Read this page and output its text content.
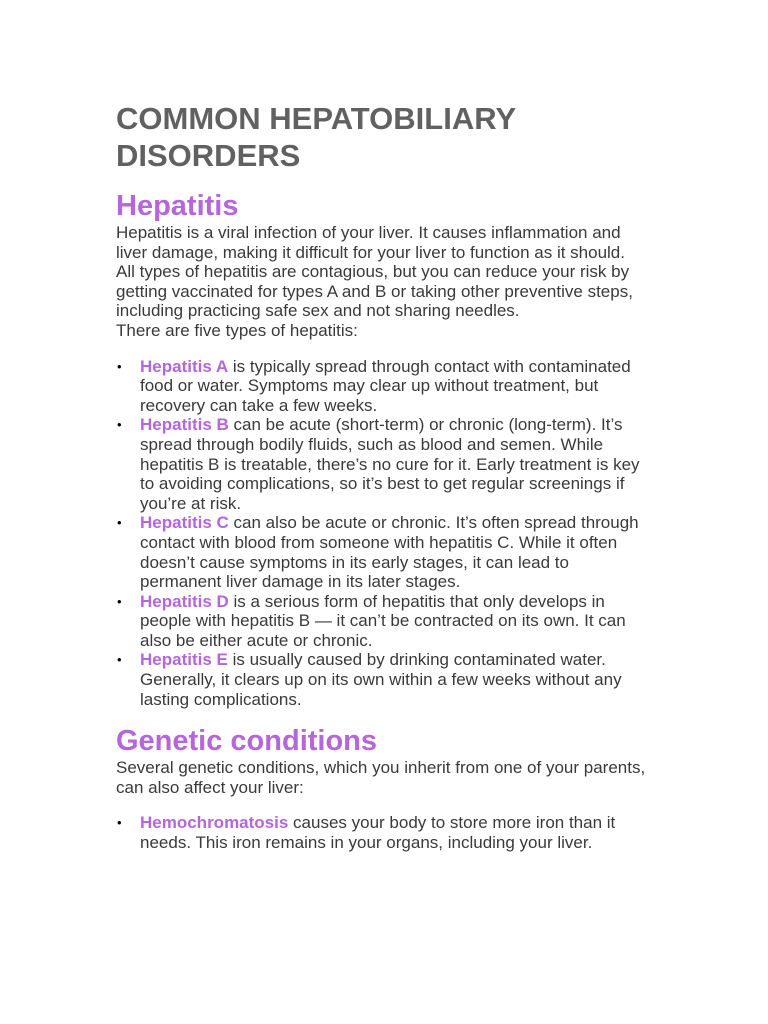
COMMON HEPATOBILIARY
DISORDERS
Hepatitis

Hepatitis is a viral infection of your liver. It causes inflammation and liver damage, making it difficult for your liver to function as it should.

All types of hepatitis are contagious, but you can reduce your risk by getting vaccinated for types A and B or taking other preventive steps, including practicing safe sex and not sharing needles.

There are five types of hepatitis:

• Hepatitis A is typically spread through contact with contaminated food or water. Symptoms may clear up without treatment, but recovery can take a few weeks.
• Hepatitis B can be acute (short-term) or chronic (long-term). It’s spread through bodily fluids, such as blood and semen. While hepatitis B is treatable, there’s no cure for it. Early treatment is key to avoiding complications, so it’s best to get regular screenings if you’re at risk.
• Hepatitis C can also be acute or chronic. It’s often spread through contact with blood from someone with hepatitis C. While it often doesn’t cause symptoms in its early stages, it can lead to permanent liver damage in its later stages.
• Hepatitis D is a serious form of hepatitis that only develops in people with hepatitis B — it can’t be contracted on its own. It can also be either acute or chronic.
• Hepatitis E is usually caused by drinking contaminated water. Generally, it clears up on its own within a few weeks without any lasting complications.
Genetic conditions

Several genetic conditions, which you inherit from one of your parents, can also affect your liver:

• Hemochromatosis causes your body to store more iron than it needs. This iron remains in your organs, including your liver.
